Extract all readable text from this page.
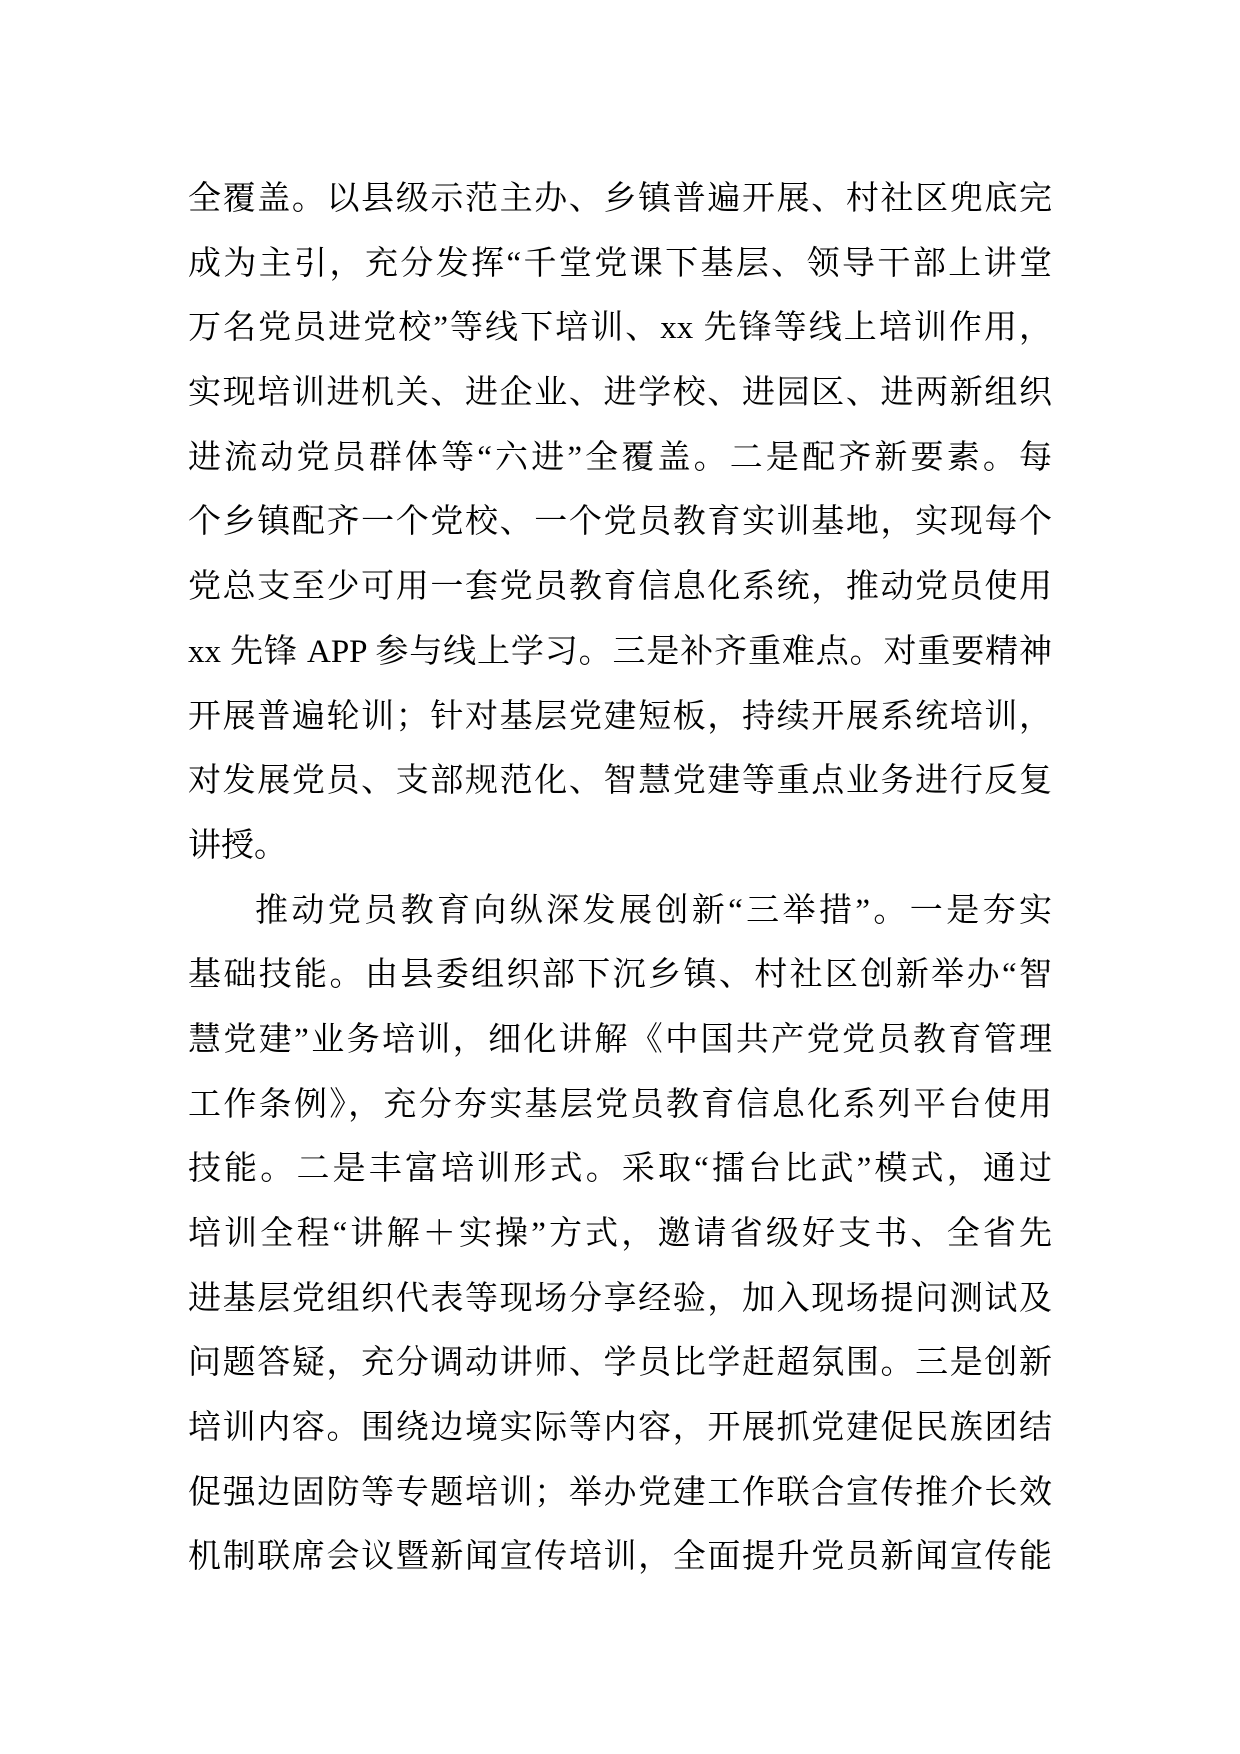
全覆盖。以县级示范主办、乡镇普遍开展、村社区兜底完
成为主引，充分发挥“千堂党课下基层、领导干部上讲堂
万名党员进党校”等线下培训、xx 先锋等线上培训作用，
实现培训进机关、进企业、进学校、进园区、进两新组织
进流动党员群体等“六进”全覆盖。二是配齐新要素。每
个乡镇配齐一个党校、一个党员教育实训基地，实现每个
党总支至少可用一套党员教育信息化系统，推动党员使用
xx 先锋 APP 参与线上学习。三是补齐重难点。对重要精神
开展普遍轮训；针对基层党建短板，持续开展系统培训，
对发展党员、支部规范化、智慧党建等重点业务进行反复
讲授。
推动党员教育向纵深发展创新“三举措”。一是夯实
基础技能。由县委组织部下沉乡镇、村社区创新举办“智
慧党建”业务培训，细化讲解《中国共产党党员教育管理
工作条例》，充分夯实基层党员教育信息化系列平台使用
技能。二是丰富培训形式。采取“擂台比武”模式，通过
培训全程“讲解＋实操”方式，邀请省级好支书、全省先
进基层党组织代表等现场分享经验，加入现场提问测试及
问题答疑，充分调动讲师、学员比学赶超氛围。三是创新
培训内容。围绕边境实际等内容，开展抓党建促民族团结
促强边固防等专题培训；举办党建工作联合宣传推介长效
机制联席会议暨新闻宣传培训，全面提升党员新闻宣传能
